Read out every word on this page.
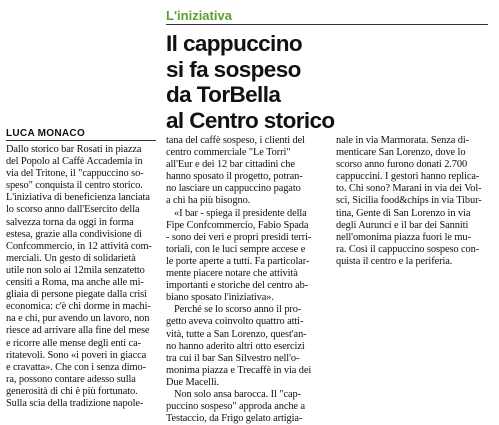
L'iniziativa
Il cappuccino
si fa sospeso
da TorBella
al Centro storico
LUCA MONACO
Dallo storico bar Rosati in piazza
del Popolo al Caffè Accademia in
via del Tritone, il "cappuccino so-
speso" conquista il centro storico.
L'iniziativa di beneficienza lanciata
lo scorso anno dall'Esercito della
salvezza torna da oggi in forma
estesa, grazie alla condivisione di
Confcommercio, in 12 attività com-
merciali. Un gesto di solidarietà
utile non solo ai 12mila senzatetto
censiti a Roma, ma anche alle mi-
gliaia di persone piegate dalla crisi
economica: c'è chi dorme in machi-
na e chi, pur avendo un lavoro, non
riesce ad arrivare alla fine del mese
e ricorre alle mense degli enti ca-
ritatevoli. Sono «i poveri in giacca
e cravatta». Che con i senza dimo-
ra, possono contare adesso sulla
generosità di chi è più fortunato.
Sulla scia della tradizione napole-
tana del caffè sospeso, i clienti del
centro commerciale "Le Torri"
all'Eur e dei 12 bar cittadini che
hanno sposato il progetto, potran-
no lasciare un cappuccino pagato
a chi ha più bisogno.
«I bar - spiega il presidente della
Fipe Confcommercio, Fabio Spada
- sono dei veri e propri presidi terri-
toriali, con le luci sempre accese e
le porte aperte a tutti. Fa particolar-
mente piacere notare che attività
importanti e storiche del centro ab-
biano sposato l'iniziativa».
Perché se lo scorso anno il pro-
getto aveva coinvolto quattro atti-
vità, tutte a San Lorenzo, quest'an-
no hanno aderito altri otto esercizi
tra cui il bar San Silvestro nell'o-
monima piazza e Trecaffè in via dei
Due Macelli.
Non solo ansa barocca. Il "cap-
puccino sospeso" approda anche a
Testaccio, da Frigo gelato artigia-
nale in via Marmorata. Senza di-
menticare San Lorenzo, dove lo
scorso anno furono donati 2.700
cappuccini. I gestori hanno replica-
to. Chi sono? Marani in via dei Vol-
sci, Sicilia food&chips in via Tibur-
tina, Gente di San Lorenzo in via
degli Aurunci e il bar dei Sanniti
nell'omonima piazza fuori le mu-
ra. Così il cappuccino sospeso con-
quista il centro e la periferia.
